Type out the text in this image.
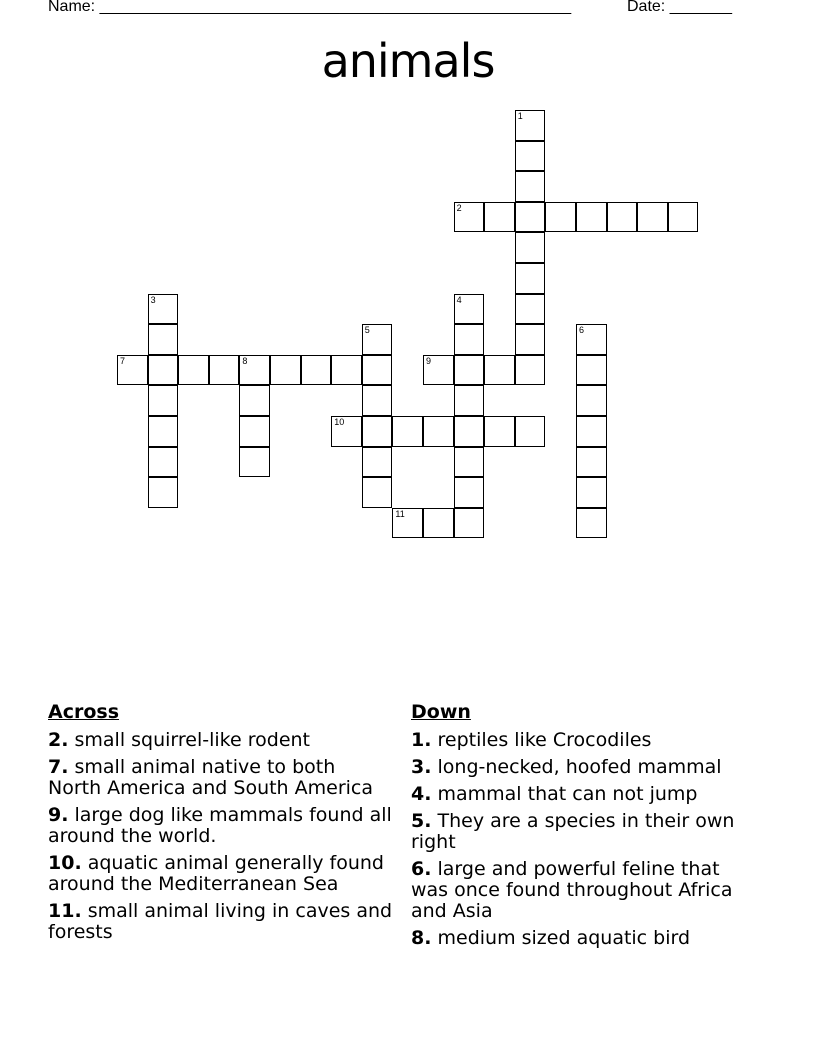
Name: _____________________________________________________	Date: _______
animals
1
2
3	4
5	6
7	8	9
10
11
Across
2. small squirrel-like rodent
7. small animal native to both North America and South America
9. large dog like mammals found all around the world.
10. aquatic animal generally found around the Mediterranean Sea
11. small animal living in caves and forests
Down
1. reptiles like Crocodiles
3. long-necked, hoofed mammal
4. mammal that can not jump
5. They are a species in their own right
6. large and powerful feline that was once found throughout Africa and Asia
8. medium sized aquatic bird
